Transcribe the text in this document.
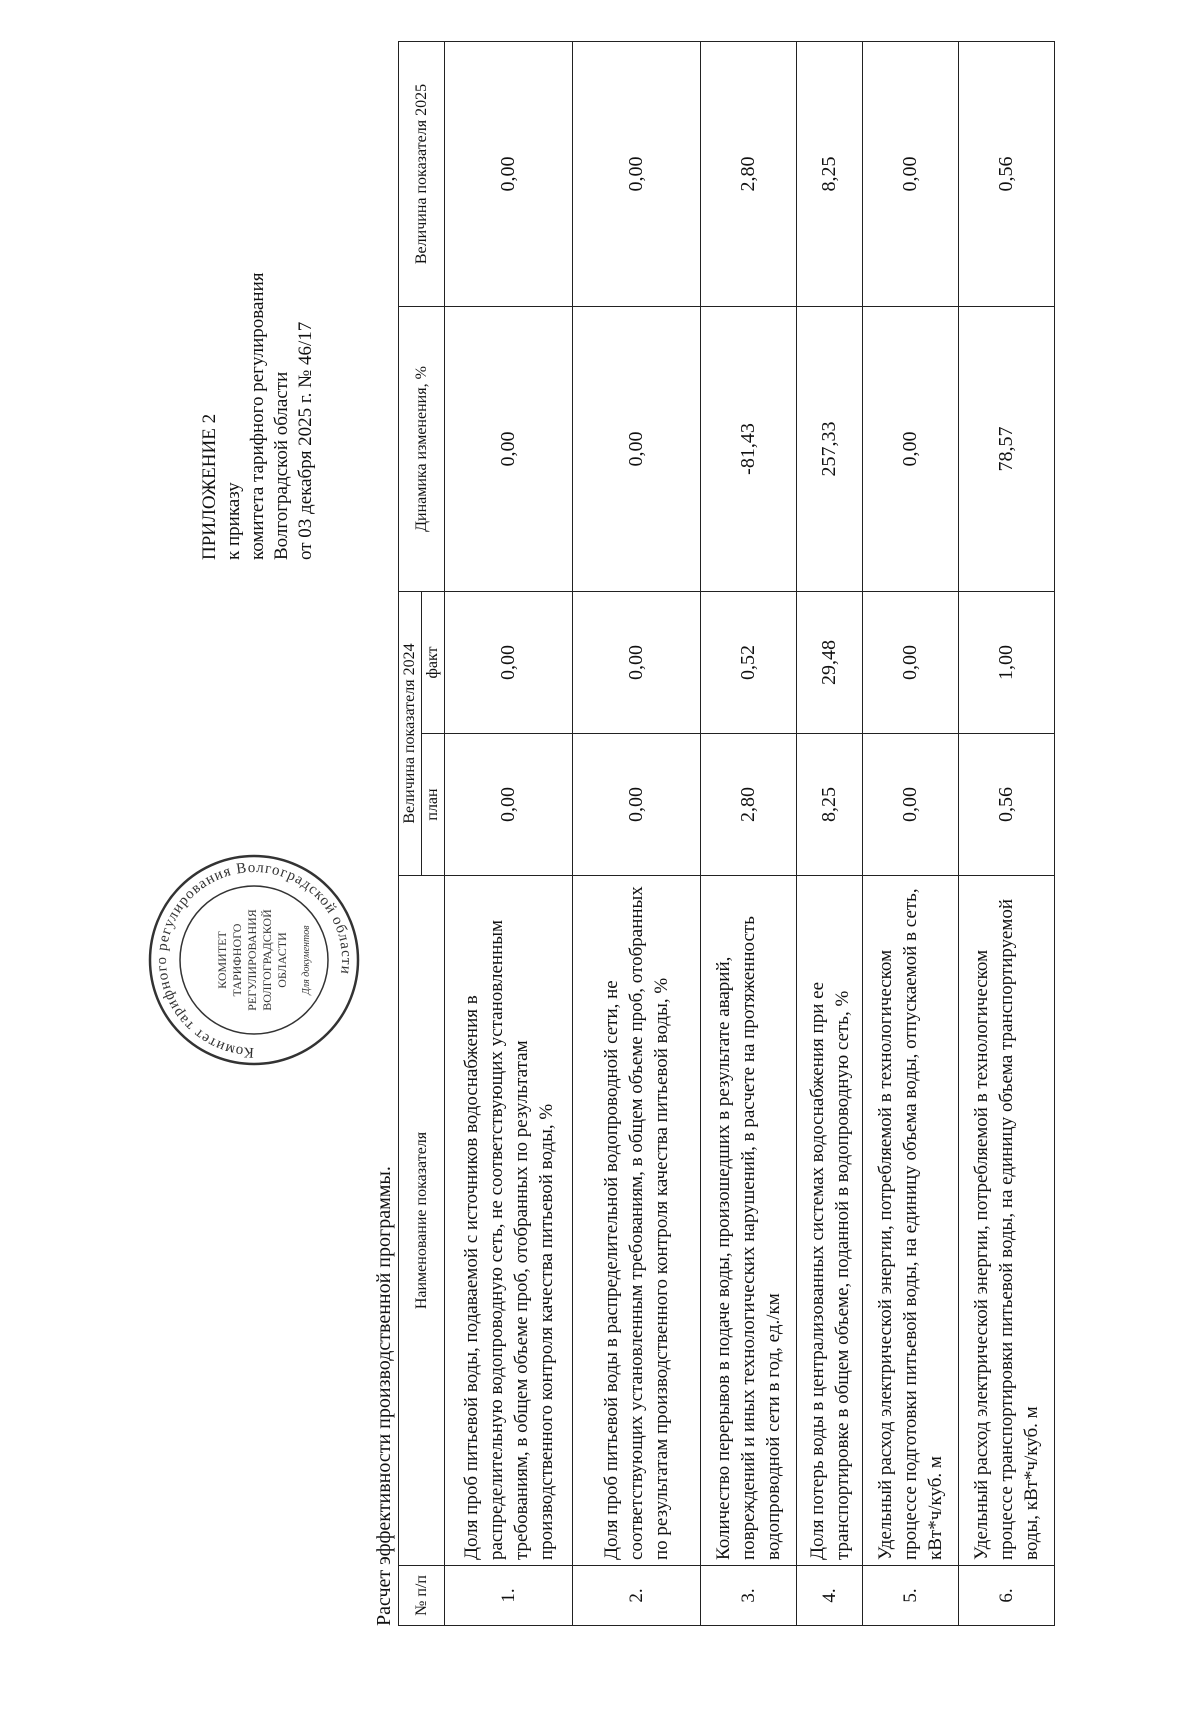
ПРИЛОЖЕНИЕ 2 к приказу комитета тарифного регулирования Волгоградской области от 03 декабря 2025 г. № 46/17
Комитет тарифного регулирования Волгоградской области
КОМИТЕТ ТАРИФНОГО РЕГУЛИРОВАНИЯ ВОЛГОГРАДСКОЙ ОБЛАСТИ Для документов
Расчет эффективности производственной программы. № п/п	Наименование показателя	Величина показателя 2024		Динамика изменения, %	Величина показателя 2025
		план	факт		
1.	Доля проб питьевой воды, подаваемой с источников водоснабжения в распределительную водопроводную сеть, не соответствующих установленным требованиям, в общем объеме проб, отобранных по результатам производственного контроля качества питьевой воды, %	0,00	0,00	0,00	0,00
2.	Доля проб питьевой воды в распределительной водопроводной сети, не соответствующих установленным требованиям, в общем объеме проб, отобранных по результатам производственного контроля качества питьевой воды, %	0,00	0,00	0,00	0,00
3.	Количество перерывов в подаче воды, произошедших в результате аварий, повреждений и иных технологических нарушений, в расчете на протяженность водопроводной сети в год, ед./км	2,80	0,52	-81,43	2,80
4.	Доля потерь воды в централизованных системах водоснабжения при ее транспортировке в общем объеме, поданной в водопроводную сеть, %	8,25	29,48	257,33	8,25
5.	Удельный расход электрической энергии, потребляемой в технологическом процессе подготовки питьевой воды, на единицу объема воды, отпускаемой в сеть, кВт*ч/куб. м	0,00	0,00	0,00	0,00
6.	Удельный расход электрической энергии, потребляемой в технологическом процессе транспортировки питьевой воды, на единицу объема транспортируемой воды, кВт*ч/куб. м	0,56	1,00	78,57	0,56
